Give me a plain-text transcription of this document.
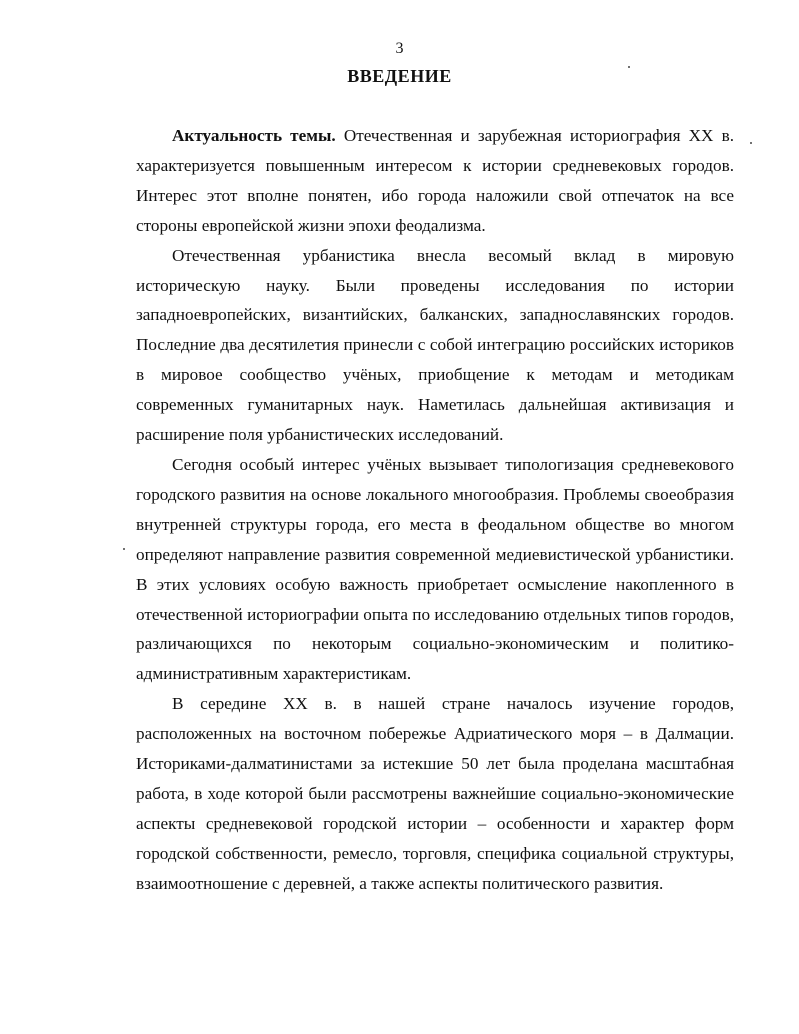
3
ВВЕДЕНИЕ

Актуальность темы. Отечественная и зарубежная историография XX в. характеризуется повышенным интересом к истории средневековых городов. Интерес этот вполне понятен, ибо города наложили свой отпечаток на все стороны европейской жизни эпохи феодализма.

Отечественная урбанистика внесла весомый вклад в мировую историческую науку. Были проведены исследования по истории западноевропейских, византийских, балканских, западнославянских городов. Последние два десятилетия принесли с собой интеграцию российских историков в мировое сообщество учёных, приобщение к методам и методикам современных гуманитарных наук. Наметилась дальнейшая активизация и расширение поля урбанистических исследований.

Сегодня особый интерес учёных вызывает типологизация средневекового городского развития на основе локального многообразия. Проблемы своеобразия внутренней структуры города, его места в феодальном обществе во многом определяют направление развития современной медиевистической урбанистики. В этих условиях особую важность приобретает осмысление накопленного в отечественной историографии опыта по исследованию отдельных типов городов, различающихся по некоторым социально-экономическим и политико-административным характеристикам.

В середине XX в. в нашей стране началось изучение городов, расположенных на восточном побережье Адриатического моря – в Далмации. Историками-далматинистами за истекшие 50 лет была проделана масштабная работа, в ходе которой были рассмотрены важнейшие социально-экономические аспекты средневековой городской истории – особенности и характер форм городской собственности, ремесло, торговля, специфика социальной структуры, взаимоотношение с деревней, а также аспекты политического развития.
